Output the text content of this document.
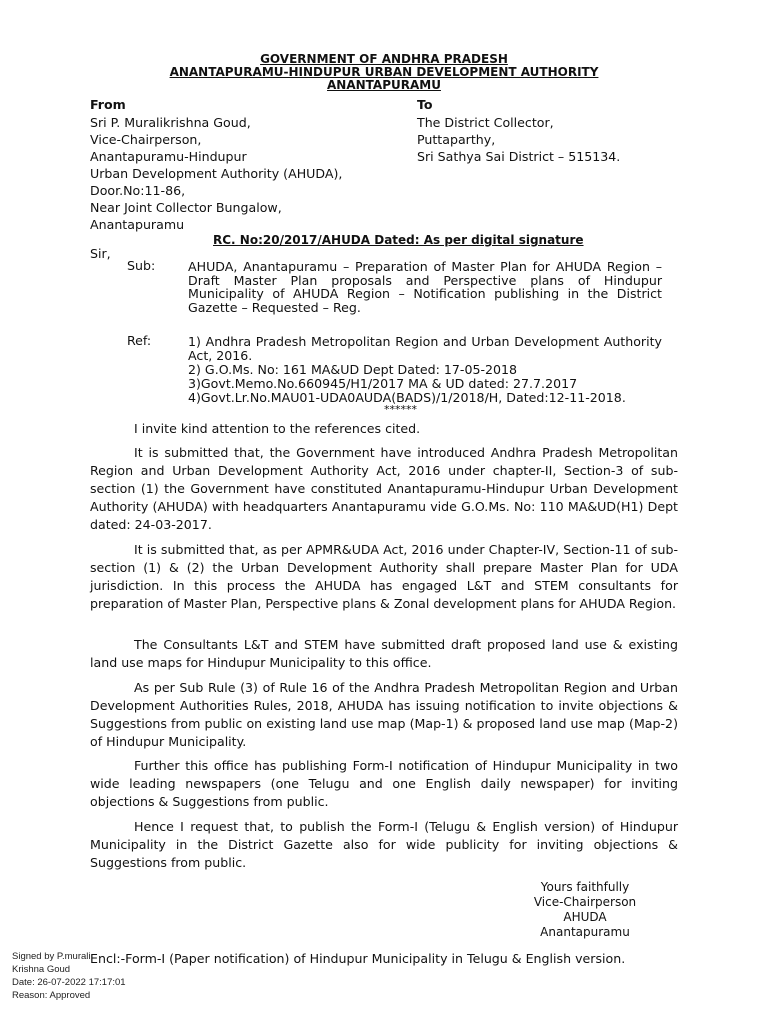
GOVERNMENT OF ANDHRA PRADESH
ANANTAPURAMU-HINDUPUR URBAN DEVELOPMENT AUTHORITY
ANANTAPURAMU
From
Sri P. Muralikrishna Goud,
Vice-Chairperson,
Anantapuramu-Hindupur
Urban Development Authority (AHUDA),
Door.No:11-86,
Near Joint Collector Bungalow,
Anantapuramu
To
The District Collector,
Puttaparthy,
Sri Sathya Sai District – 515134.
RC. No:20/2017/AHUDA Dated: As per digital signature
Sir,
Sub:	AHUDA, Anantapuramu – Preparation of Master Plan for AHUDA Region – Draft Master Plan proposals and Perspective plans of Hindupur Municipality of AHUDA Region – Notification publishing in the District Gazette – Requested – Reg.
Ref:	1) Andhra Pradesh Metropolitan Region and Urban Development Authority Act, 2016.
2) G.O.Ms. No: 161 MA&UD Dept Dated: 17-05-2018
3)Govt.Memo.No.660945/H1/2017 MA & UD dated: 27.7.2017
4)Govt.Lr.No.MAU01-UDA0AUDA(BADS)/1/2018/H, Dated:12-11-2018.
******
I invite kind attention to the references cited.
It is submitted that, the Government have introduced Andhra Pradesh Metropolitan Region and Urban Development Authority Act, 2016 under chapter-II, Section-3 of sub-section (1) the Government have constituted Anantapuramu-Hindupur Urban Development Authority (AHUDA) with headquarters Anantapuramu vide G.O.Ms. No: 110 MA&UD(H1) Dept dated: 24-03-2017.
It is submitted that, as per APMR&UDA Act, 2016 under Chapter-IV, Section-11 of sub-section (1) & (2) the Urban Development Authority shall prepare Master Plan for UDA jurisdiction. In this process the AHUDA has engaged L&T and STEM consultants for preparation of Master Plan, Perspective plans & Zonal development plans for AHUDA Region.
The Consultants L&T and STEM have submitted draft proposed land use & existing land use maps for Hindupur Municipality to this office.
As per Sub Rule (3) of Rule 16 of the Andhra Pradesh Metropolitan Region and Urban Development Authorities Rules, 2018, AHUDA has issuing notification to invite objections & Suggestions from public on existing land use map (Map-1) & proposed land use map (Map-2) of Hindupur Municipality.
Further this office has publishing Form-I notification of Hindupur Municipality in two wide leading newspapers (one Telugu and one English daily newspaper) for inviting objections & Suggestions from public.
Hence I request that, to publish the Form-I (Telugu & English version) of Hindupur Municipality in the District Gazette also for wide publicity for inviting objections & Suggestions from public.
Yours faithfully
Vice-Chairperson
AHUDA
Anantapuramu
Encl:-Form-I (Paper notification) of Hindupur Municipality in Telugu & English version.
Signed by P.murali
Krishna Goud
Date: 26-07-2022 17:17:01
Reason: Approved
